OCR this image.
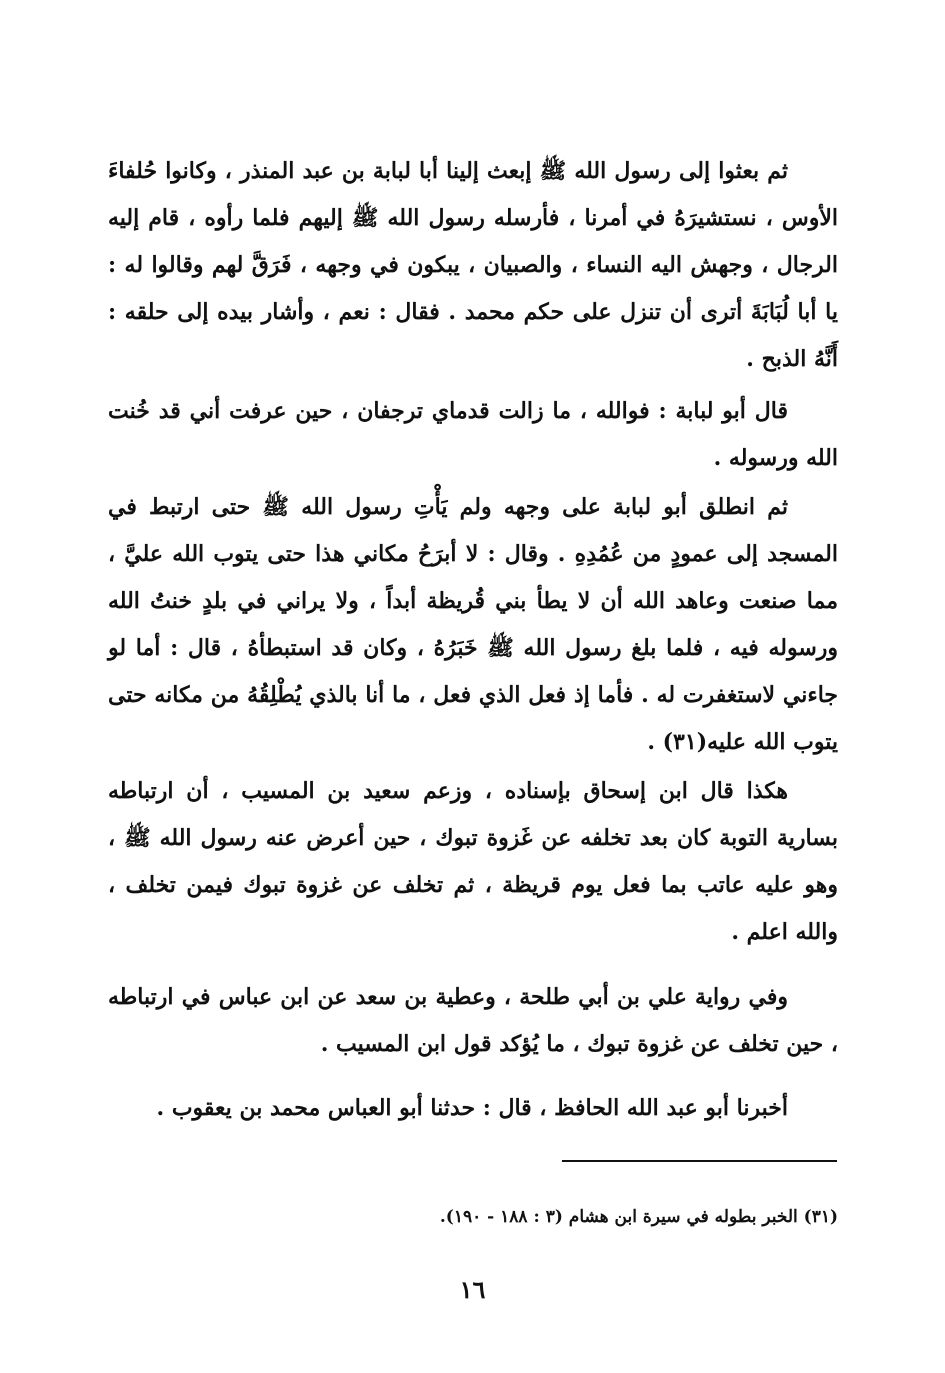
ثم بعثوا إلى رسول الله ﷺ إبعث إلينا أبا لبابة بن عبد المنذر ، وكانوا حُلفاءَ الأوس ، نستشيرَهُ في أمرنا ، فأرسله رسول الله ﷺ إليهم فلما رأوه ، قام إليه الرجال ، وجهش اليه النساء ، والصبيان ، يبكون في وجهه ، فَرَقَّ لهم وقالوا له : يا أبا لُبَابَةَ أترى أن تنزل على حكم محمد . فقال : نعم ، وأشار بيده إلى حلقه : أَنَّهُ الذبح .

قال أبو لبابة : فوالله ، ما زالت قدماي ترجفان ، حين عرفت أني قد خُنت الله ورسوله .

ثم انطلق أبو لبابة على وجهه ولم يَأْتِ رسول الله ﷺ حتى ارتبط في المسجد إلى عمودٍ من عُمُدِهِ . وقال : لا أبرَحُ مكاني هذا حتى يتوب الله عليَّ ، مما صنعت وعاهد الله أن لا يطأ بني قُريظة أبداً ، ولا يراني في بلدٍ خنتُ الله ورسوله فيه ، فلما بلغ رسول الله ﷺ خَبَرُهُ ، وكان قد استبطأهُ ، قال : أما لو جاءني لاستغفرت له . فأما إذ فعل الذي فعل ، ما أنا بالذي يُطْلِقُهُ من مكانه حتى يتوب الله عليه(٣١) .

هكذا قال ابن إسحاق بإسناده ، وزعم سعيد بن المسيب ، أن ارتباطه بسارية التوبة كان بعد تخلفه عن غَزوة تبوك ، حين أعرض عنه رسول الله ﷺ ، وهو عليه عاتب بما فعل يوم قريظة ، ثم تخلف عن غزوة تبوك فيمن تخلف ، والله اعلم .

وفي رواية علي بن أبي طلحة ، وعطية بن سعد عن ابن عباس في ارتباطه ، حين تخلف عن غزوة تبوك ، ما يُؤكد قول ابن المسيب .

أخبرنا أبو عبد الله الحافظ ، قال : حدثنا أبو العباس محمد بن يعقوب .

(٣١) الخبر بطوله في سيرة ابن هشام (٣ : ١٨٨ - ١٩٠).

١٦
